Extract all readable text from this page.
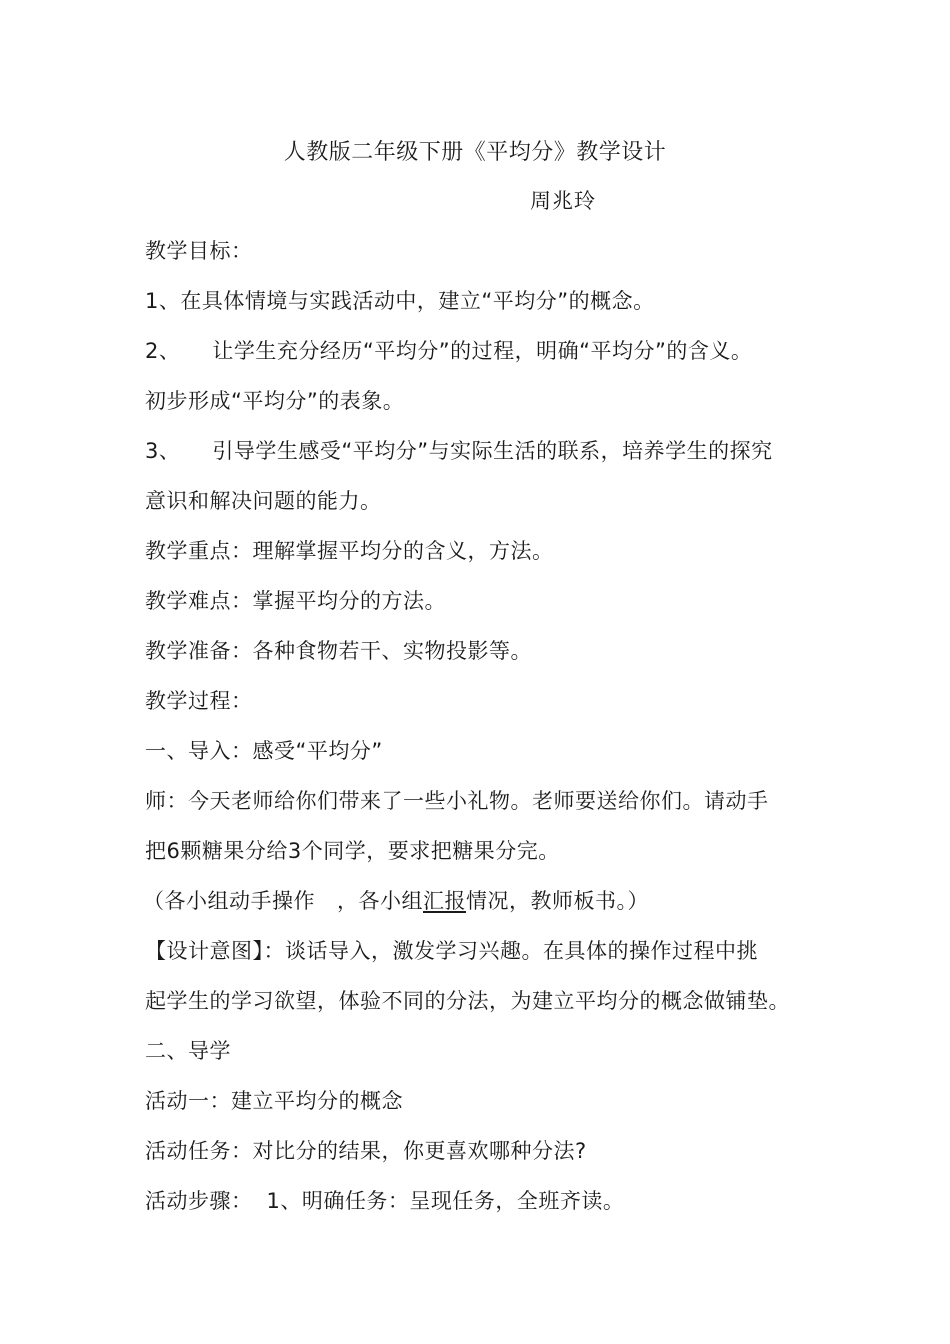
人教版二年级下册《平均分》教学设计
周兆玲
教学目标：
1、在具体情境与实践活动中，建立“平均分”的概念。
2、 让学生充分经历“平均分”的过程，明确“平均分”的含义。
初步形成“平均分”的表象。
3、 引导学生感受“平均分”与实际生活的联系，培养学生的探究
意识和解决问题的能力。
教学重点：理解掌握平均分的含义，方法。
教学难点：掌握平均分的方法。
教学准备：各种食物若干、实物投影等。
教学过程：
一、导入：感受“平均分”
师：今天老师给你们带来了一些小礼物。老师要送给你们。请动手
把6颗糖果分给3个同学，要求把糖果分完。
（各小组动手操作 ，各小组汇报情况，教师板书。）
【设计意图】：谈话导入，激发学习兴趣。在具体的操作过程中挑
起学生的学习欲望，体验不同的分法，为建立平均分的概念做铺垫。
二、导学
活动一：建立平均分的概念
活动任务：对比分的结果，你更喜欢哪种分法?
活动步骤： 1、明确任务：呈现任务，全班齐读。
